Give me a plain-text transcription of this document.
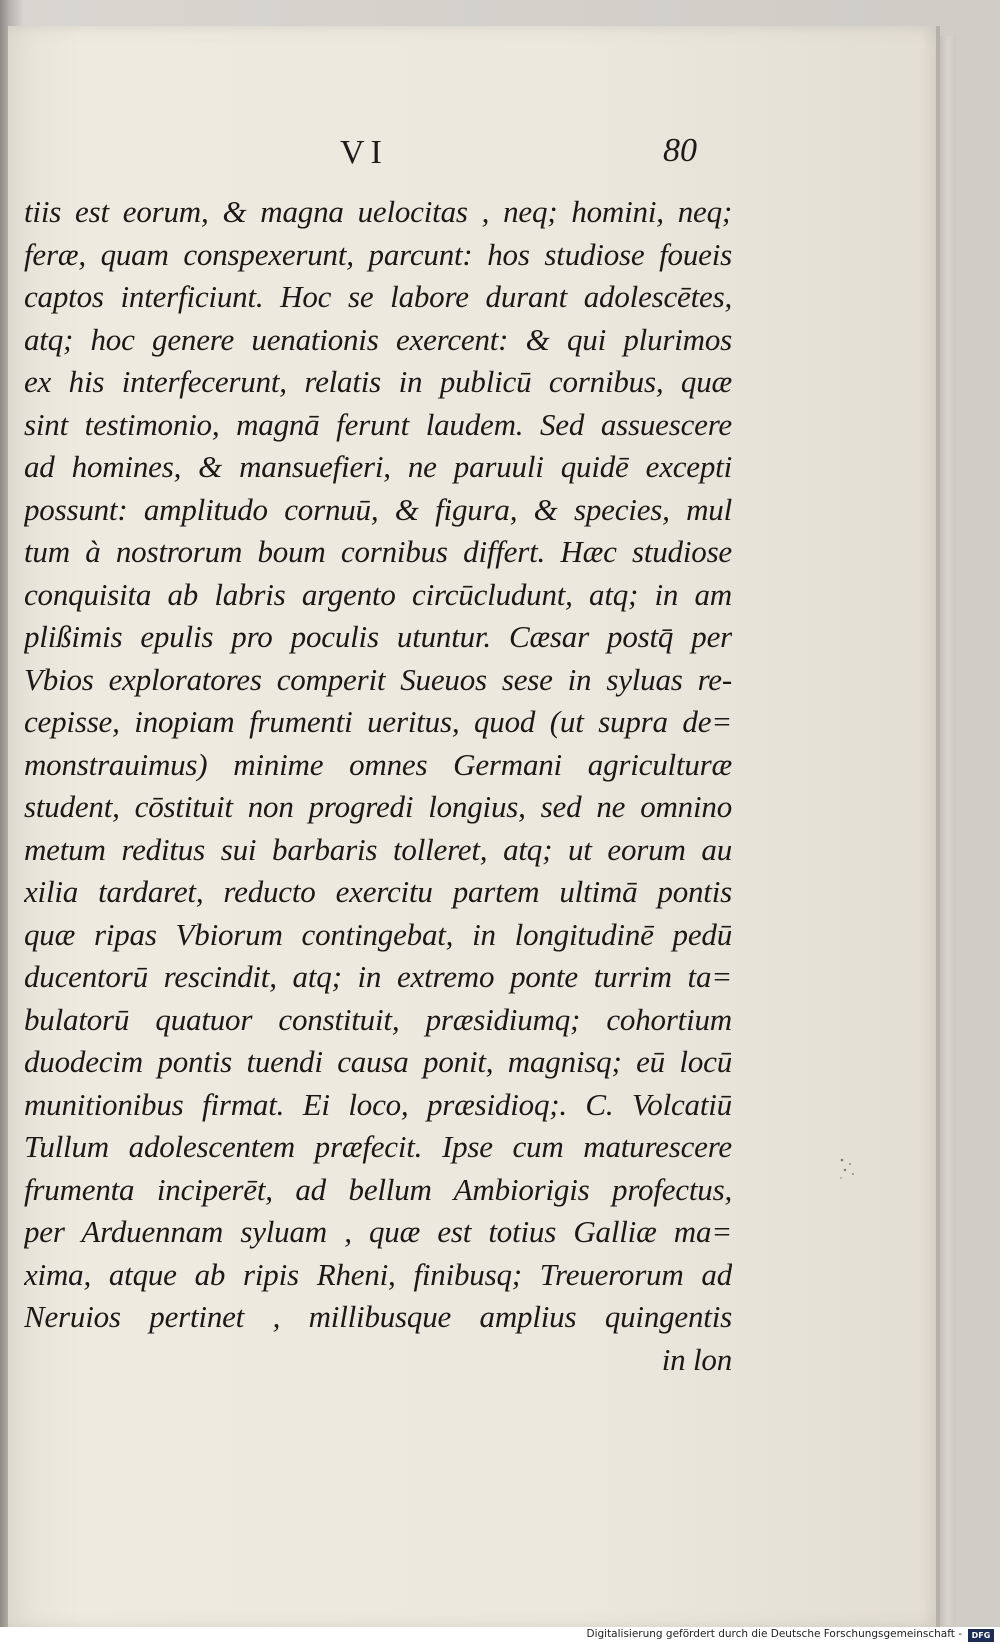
VI	80
tiis est eorum, & magna uelocitas , neq; homini, neq;
feræ, quam conspexerunt, parcunt: hos studiose foueis
captos interficiunt. Hoc se labore durant adolescētes,
atq; hoc genere uenationis exercent: & qui plurimos
ex his interfecerunt, relatis in publicū cornibus, quæ
sint testimonio, magnā ferunt laudem. Sed assuescere
ad homines, & mansuefieri, ne paruuli quidē excepti
possunt: amplitudo cornuū, & figura, & species, mul
tum à nostrorum boum cornibus differt. Hæc studiose
conquisita ab labris argento circūcludunt, atq; in am
plißimis epulis pro poculis utuntur. Cæsar postq̄ per
Vbios exploratores comperit Sueuos sese in syluas re-
cepisse, inopiam frumenti ueritus, quod (ut supra de=
monstrauimus) minime omnes Germani agriculturæ
student, cōstituit non progredi longius, sed ne omnino
metum reditus sui barbaris tolleret, atq; ut eorum au
xilia tardaret, reducto exercitu partem ultimā pontis
quæ ripas Vbiorum contingebat, in longitudinē pedū
ducentorū rescindit, atq; in extremo ponte turrim ta=
bulatorū quatuor constituit, præsidiumq; cohortium
duodecim pontis tuendi causa ponit, magnisq; eū locū
munitionibus firmat. Ei loco, præsidioq;. C. Volcatiū
Tullum adolescentem præfecit. Ipse cum maturescere
frumenta inciperēt, ad bellum Ambiorigis profectus,
per Arduennam syluam , quæ est totius Galliæ ma=
xima, atque ab ripis Rheni, finibusq; Treuerorum ad
Neruios pertinet , millibusque amplius quingentis
in lon
Digitalisierung gefördert durch die Deutsche Forschungsgemeinschaft -	DFG
